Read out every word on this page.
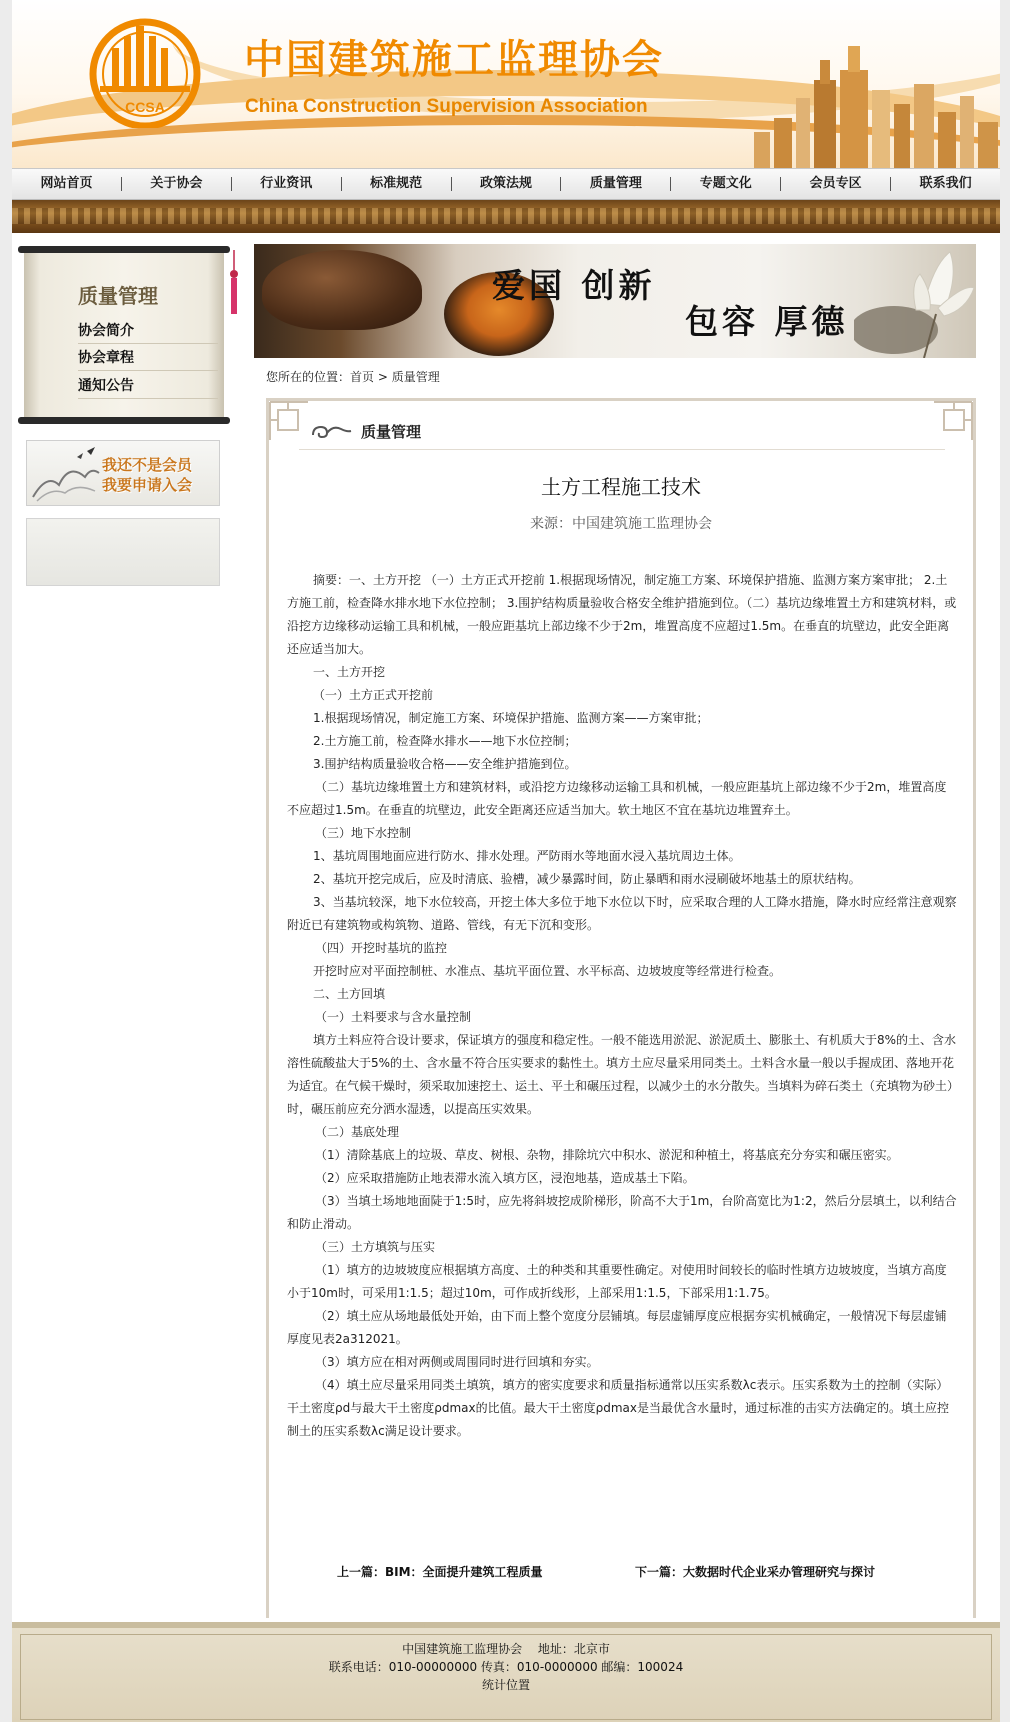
CCSA
中国建筑施工监理协会
China Construction Supervision Association
网站首页	关于协会	行业资讯	标准规范	政策法规	质量管理	专题文化	会员专区	联系我们
质量管理
协会简介
协会章程
通知公告
我还不是会员
我要申请入会
爱国 创新
包容 厚德
您所在的位置：首页 > 质量管理
质量管理
土方工程施工技术
来源：中国建筑施工监理协会

摘要：一、土方开挖 （一）土方正式开挖前 1.根据现场情况，制定施工方案、环境保护措施、监测方案方案审批； 2.土方施工前，检查降水排水地下水位控制； 3.围护结构质量验收合格安全维护措施到位。（二）基坑边缘堆置土方和建筑材料，或沿挖方边缘移动运输工具和机械，一般应距基坑上部边缘不少于2m，堆置高度不应超过1.5m。在垂直的坑壁边，此安全距离还应适当加大。

一、土方开挖

（一）土方正式开挖前

1.根据现场情况，制定施工方案、环境保护措施、监测方案——方案审批；

2.土方施工前，检查降水排水——地下水位控制；

3.围护结构质量验收合格——安全维护措施到位。

（二）基坑边缘堆置土方和建筑材料，或沿挖方边缘移动运输工具和机械，一般应距基坑上部边缘不少于2m，堆置高度不应超过1.5m。在垂直的坑壁边，此安全距离还应适当加大。软土地区不宜在基坑边堆置弃土。

（三）地下水控制

1、基坑周围地面应进行防水、排水处理。严防雨水等地面水浸入基坑周边土体。

2、基坑开挖完成后，应及时清底、验槽，减少暴露时间，防止暴晒和雨水浸刷破坏地基土的原状结构。

3、当基坑较深，地下水位较高，开挖土体大多位于地下水位以下时，应采取合理的人工降水措施，降水时应经常注意观察附近已有建筑物或构筑物、道路、管线，有无下沉和变形。

（四）开挖时基坑的监控

开挖时应对平面控制桩、水准点、基坑平面位置、水平标高、边坡坡度等经常进行检查。

二、土方回填

（一）土料要求与含水量控制

填方土料应符合设计要求，保证填方的强度和稳定性。一般不能选用淤泥、淤泥质土、膨胀土、有机质大于8%的土、含水溶性硫酸盐大于5%的土、含水量不符合压实要求的黏性土。填方土应尽量采用同类土。土料含水量一般以手握成团、落地开花为适宜。在气候干燥时，须采取加速挖土、运土、平土和碾压过程，以减少土的水分散失。当填料为碎石类土（充填物为砂土）时，碾压前应充分洒水湿透，以提高压实效果。

（二）基底处理

（1）清除基底上的垃圾、草皮、树根、杂物，排除坑穴中积水、淤泥和种植土，将基底充分夯实和碾压密实。

（2）应采取措施防止地表滞水流入填方区，浸泡地基，造成基土下陷。

（3）当填土场地地面陡于1:5时，应先将斜坡挖成阶梯形，阶高不大于1m，台阶高宽比为1:2，然后分层填土，以利结合和防止滑动。

（三）土方填筑与压实

（1）填方的边坡坡度应根据填方高度、土的种类和其重要性确定。对使用时间较长的临时性填方边坡坡度，当填方高度小于10m时，可采用1:1.5；超过10m，可作成折线形，上部采用1:1.5，下部采用1:1.75。

（2）填土应从场地最低处开始，由下而上整个宽度分层铺填。每层虚铺厚度应根据夯实机械确定，一般情况下每层虚铺厚度见表2a312021。

（3）填方应在相对两侧或周围同时进行回填和夯实。

（4）填土应尽量采用同类土填筑，填方的密实度要求和质量指标通常以压实系数λc表示。压实系数为土的控制（实际）干土密度ρd与最大干土密度ρdmax的比值。最大干土密度ρdmax是当最优含水量时，通过标准的击实方法确定的。填土应控制土的压实系数λc满足设计要求。

上一篇：BIM：全面提升建筑工程质量	下一篇：大数据时代企业采办管理研究与探讨
中国建筑施工监理协会　 地址：北京市
联系电话：010-00000000 传真：010-0000000 邮编：100024
统计位置
